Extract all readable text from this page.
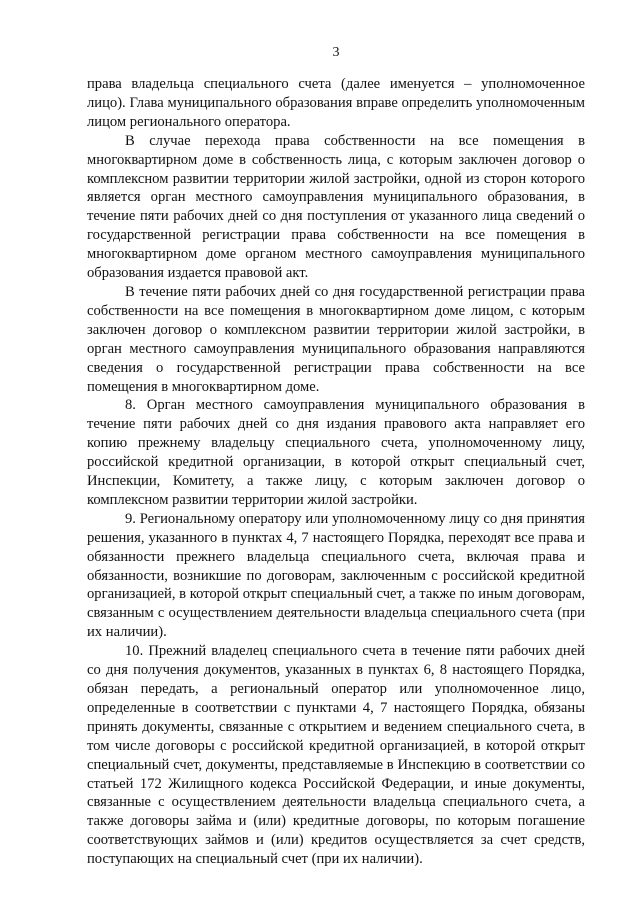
3

права владельца специального счета (далее именуется – уполномоченное лицо). Глава муниципального образования вправе определить уполномоченным лицом регионального оператора.

В случае перехода права собственности на все помещения в многоквартирном доме в собственность лица, с которым заключен договор о комплексном развитии территории жилой застройки, одной из сторон которого является орган местного самоуправления муниципального образования, в течение пяти рабочих дней со дня поступления от указанного лица сведений о государственной регистрации права собственности на все помещения в многоквартирном доме органом местного самоуправления муниципального образования издается правовой акт.

В течение пяти рабочих дней со дня государственной регистрации права собственности на все помещения в многоквартирном доме лицом, с которым заключен договор о комплексном развитии территории жилой застройки, в орган местного самоуправления муниципального образования направляются сведения о государственной регистрации права собственности на все помещения в многоквартирном доме.

8. Орган местного самоуправления муниципального образования в течение пяти рабочих дней со дня издания правового акта направляет его копию прежнему владельцу специального счета, уполномоченному лицу, российской кредитной организации, в которой открыт специальный счет, Инспекции, Комитету, а также лицу, с которым заключен договор о комплексном развитии территории жилой застройки.

9. Региональному оператору или уполномоченному лицу со дня принятия решения, указанного в пунктах 4, 7 настоящего Порядка, переходят все права и обязанности прежнего владельца специального счета, включая права и обязанности, возникшие по договорам, заключенным с российской кредитной организацией, в которой открыт специальный счет, а также по иным договорам, связанным с осуществлением деятельности владельца специального счета (при их наличии).

10. Прежний владелец специального счета в течение пяти рабочих дней со дня получения документов, указанных в пунктах 6, 8 настоящего Порядка, обязан передать, а региональный оператор или уполномоченное лицо, определенные в соответствии с пунктами 4, 7 настоящего Порядка, обязаны принять документы, связанные с открытием и ведением специального счета, в том числе договоры с российской кредитной организацией, в которой открыт специальный счет, документы, представляемые в Инспекцию в соответствии со статьей 172 Жилищного кодекса Российской Федерации, и иные документы, связанные с осуществлением деятельности владельца специального счета, а также договоры займа и (или) кредитные договоры, по которым погашение соответствующих займов и (или) кредитов осуществляется за счет средств, поступающих на специальный счет (при их наличии).
